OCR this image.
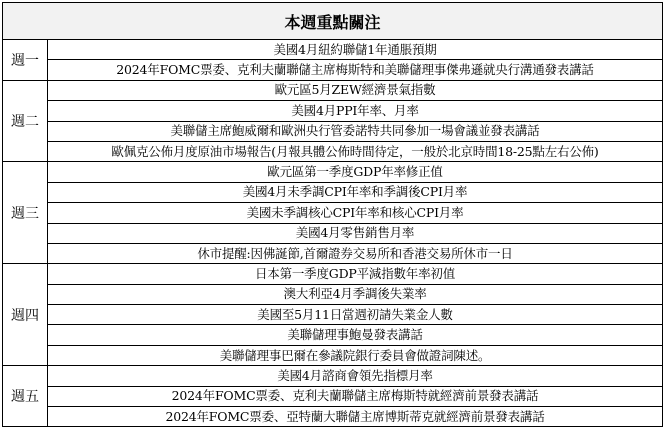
本週重點關注	
週一	美國4月紐約聯儲1年通脹預期
	2024年FOMC票委、克利夫蘭聯儲主席梅斯特和美聯儲理事傑弗遜就央行溝通發表講話
週二	歐元區5月ZEW經濟景氣指數
	美國4月PPI年率、月率
	美聯儲主席鮑威爾和歐洲央行管委諾特共同參加一場會議並發表講話
	歐佩克公佈月度原油市場報告(月報具體公佈時間待定，一般於北京時間18-25點左右公佈)
週三	歐元區第一季度GDP年率修正值
	美國4月未季調CPI年率和季調後CPI月率
	美國未季調核心CPI年率和核心CPI月率
	美國4月零售銷售月率
	休市提醒:因佛誕節,首爾證券交易所和香港交易所休市一日
週四	日本第一季度GDP平減指數年率初值
	澳大利亞4月季調後失業率
	美國至5月11日當週初請失業金人數
	美聯儲理事鮑曼發表講話
	美聯儲理事巴爾在參議院銀行委員會做證詞陳述。
週五	美國4月諮商會領先指標月率
	2024年FOMC票委、克利夫蘭聯儲主席梅斯特就經濟前景發表講話
	2024年FOMC票委、亞特蘭大聯儲主席博斯蒂克就經濟前景發表講話
